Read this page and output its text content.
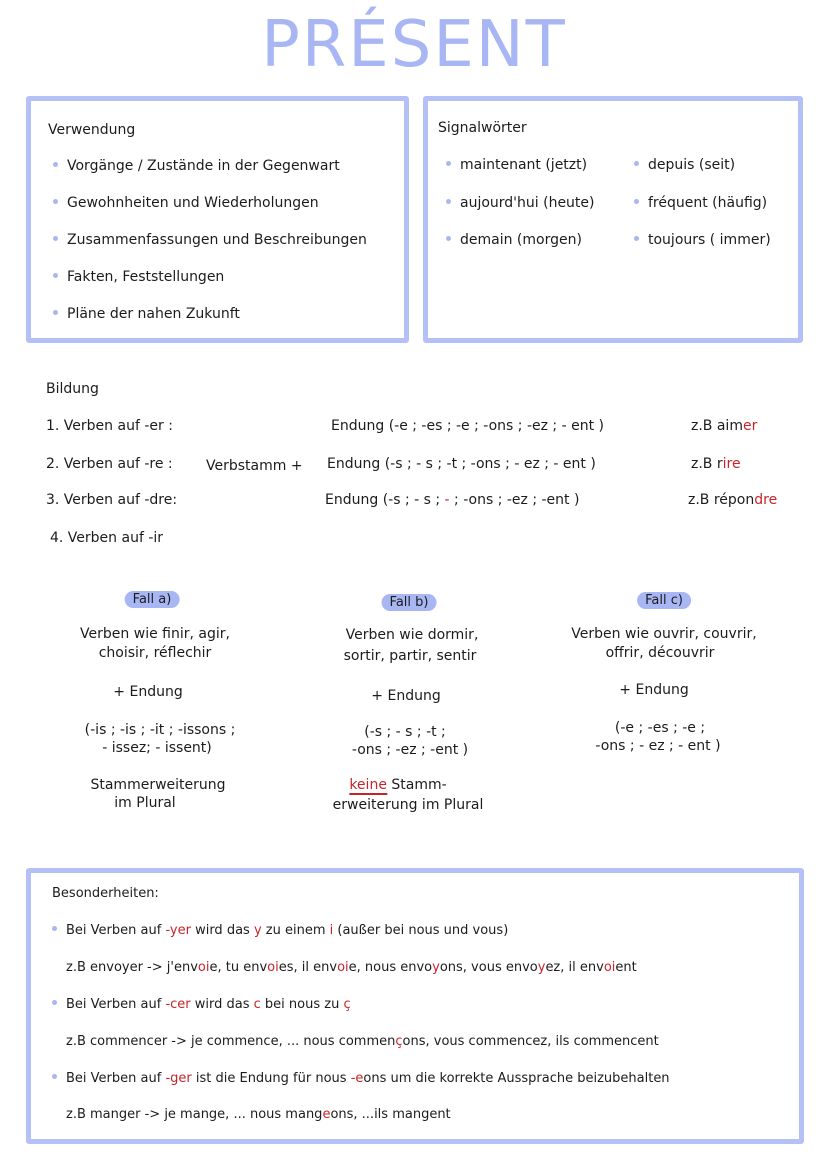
PRÉSENT
Verwendung
Vorgänge / Zustände in der Gegenwart
Gewohnheiten und Wiederholungen
Zusammenfassungen und Beschreibungen
Fakten, Feststellungen
Pläne der nahen Zukunft
Signalwörter
maintenant (jetzt)
aujourd'hui (heute)
demain (morgen)
depuis (seit)
fréquent (häufig)
toujours ( immer)
Bildung
1. Verben auf -er :
2. Verben auf -re :
3. Verben auf -dre:
4. Verben auf -ir
Verbstamm +
Endung (-e ; -es ; -e ; -ons ; -ez ; - ent )
Endung (-s ; - s ; -t ; -ons ; - ez ; - ent )
Endung (-s ; - s ; - ; -ons ; -ez ; -ent )
z.B aimer
z.B rire
z.B répondre
Fall a)
Verben wie finir, agir,
choisir, réflechir
+ Endung
(-is ; -is ; -it ; -issons ;
- issez; - issent)
Stammerweiterung
im Plural
Fall b)
Verben wie dormir,
sortir, partir, sentir
+ Endung
(-s ; - s ; -t ;
-ons ; -ez ; -ent )
keine Stamm-
erweiterung im Plural
Fall c)
Verben wie ouvrir, couvrir,
offrir, découvrir
+ Endung
(-e ; -es ; -e ;
-ons ; - ez ; - ent )
Besonderheiten:
Bei Verben auf -yer wird das y zu einem i (außer bei nous und vous)
z.B envoyer -> j'envoie, tu envoies, il envoie, nous envoyons, vous envoyez, il envoient
Bei Verben auf -cer wird das c bei nous zu ç
z.B commencer -> je commence, ... nous commençons, vous commencez, ils commencent
Bei Verben auf -ger ist die Endung für nous -eons um die korrekte Aussprache beizubehalten
z.B manger -> je mange, ... nous mangeons, ...ils mangent
